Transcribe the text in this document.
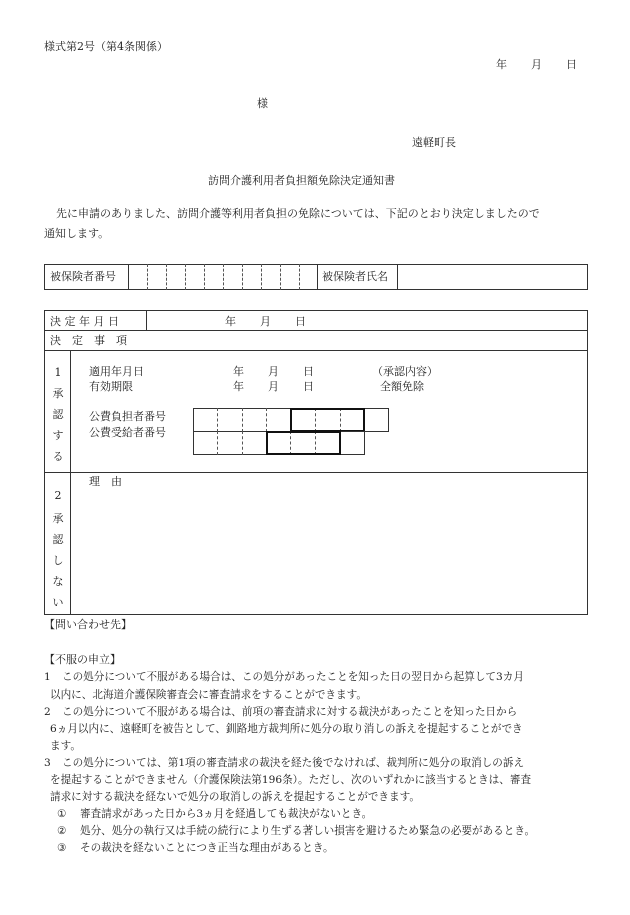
様式第2号（第4条関係）
年 月 日
様
遠軽町長
訪問介護利用者負担額免除決定通知書
先に申請のありました、訪問介護等利用者負担の免除については、下記のとおり決定しましたので
通知します。
被保険者番号	被保険者氏名
決 定 年 月 日	年 月 日
決　定　事　項
1
承
認
す
る
適用年月日	年 月 日	（承認内容）
有効期限	年 月 日	全額免除
公費負担者番号
公費受給者番号
2
承
認
し
な
い
理　由
【問い合わせ先】
【不服の申立】
1 この処分について不服がある場合は、この処分があったことを知った日の翌日から起算して3カ月
以内に、北海道介護保険審査会に審査請求をすることができます。
2 この処分について不服がある場合は、前項の審査請求に対する裁決があったことを知った日から
6ヵ月以内に、遠軽町を被告として、釧路地方裁判所に処分の取り消しの訴えを提起することができ
ます。
3 この処分については、第1項の審査請求の裁決を経た後でなければ、裁判所に処分の取消しの訴え
を提起することができません（介護保険法第196条）。ただし、次のいずれかに該当するときは、審査
請求に対する裁決を経ないで処分の取消しの訴えを提起することができます。
① 審査請求があった日から3ヵ月を経過しても裁決がないとき。
② 処分、処分の執行又は手続の続行により生ずる著しい損害を避けるため緊急の必要があるとき。
③ その裁決を経ないことにつき正当な理由があるとき。
